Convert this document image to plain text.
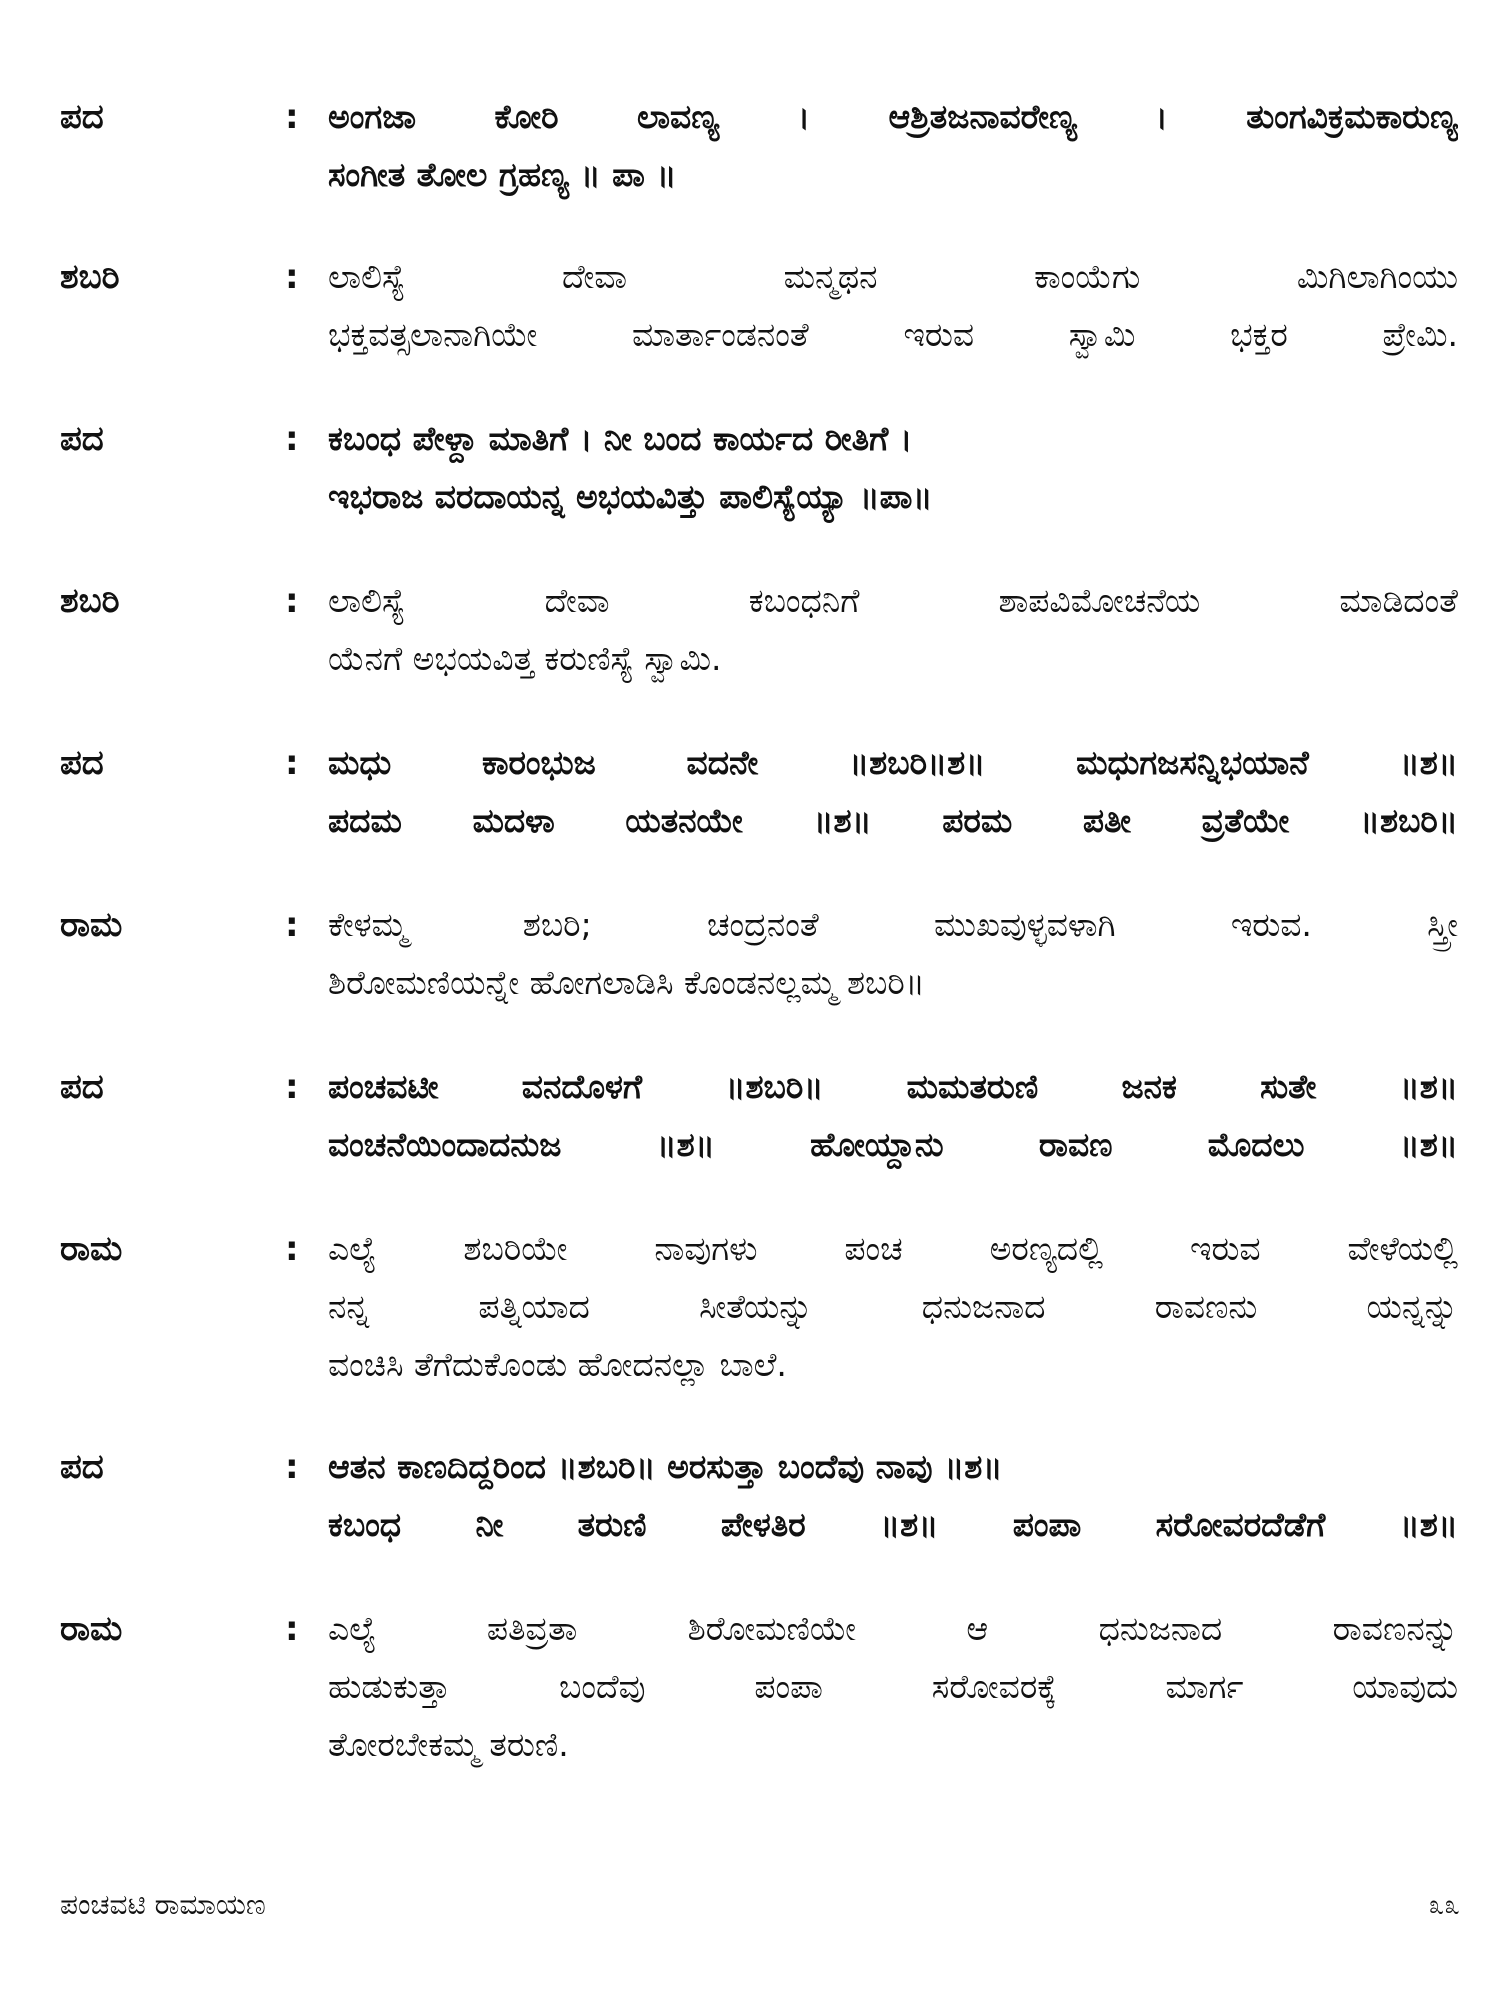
ಪದ	: ಅಂಗಜಾ ಕೋರಿ ಲಾವಣ್ಯ । ಆಶ್ರಿತಜನಾವರೇಣ್ಯ । ತುಂಗವಿಕ್ರಮಕಾರುಣ್ಯ
ಸಂಗೀತ ತೋಲ ಗ್ರಹಣ್ಯ ॥ ಪಾ ॥
ಶಬರಿ	: ಲಾಲಿಸ್ಯೆ ದೇವಾ ಮನ್ಮಥನ ಕಾಂಯೆಗು ಮಿಗಿಲಾಗಿಂಯು
ಭಕ್ತವತ್ಸಲಾನಾಗಿಯೇ ಮಾರ್ತಾಂಡನಂತೆ ಇರುವ ಸ್ವಾಮಿ ಭಕ್ತರ ಪ್ರೇಮಿ.
ಪದ	: ಕಬಂಧ ಪೇಳ್ದಾ ಮಾತಿಗೆ । ನೀ ಬಂದ ಕಾರ್ಯದ ರೀತಿಗೆ ।
ಇಭರಾಜ ವರದಾಯನ್ನ ಅಭಯವಿತ್ತು ಪಾಲಿಸ್ಯೆಯ್ಯಾ ॥ಪಾ॥
ಶಬರಿ	: ಲಾಲಿಸ್ಯೆ ದೇವಾ ಕಬಂಧನಿಗೆ ಶಾಪವಿಮೋಚನೆಯ ಮಾಡಿದಂತೆ
ಯೆನಗೆ ಅಭಯವಿತ್ತ ಕರುಣಿಸ್ಯೆ ಸ್ವಾಮಿ.
ಪದ	: ಮಧು ಕಾರಂಭುಜ ವದನೇ ॥ಶಬರಿ॥ಶ॥ ಮಧುಗಜಸನ್ನಿಭಯಾನೆ ॥ಶ॥
ಪದಮ ಮದಳಾ ಯತನಯೇ ॥ಶ॥ ಪರಮ ಪತೀ ವ್ರತೆಯೇ ॥ಶಬರಿ॥
ರಾಮ	: ಕೇಳಮ್ಮ ಶಬರಿ; ಚಂದ್ರನಂತೆ ಮುಖವುಳ್ಳವಳಾಗಿ ಇರುವ. ಸ್ತ್ರೀ
ಶಿರೋಮಣಿಯನ್ನೇ ಹೋಗಲಾಡಿಸಿ ಕೊಂಡನಲ್ಲಮ್ಮ ಶಬರಿ॥
ಪದ	: ಪಂಚವಟೀ ವನದೊಳಗೆ ॥ಶಬರಿ॥ ಮಮತರುಣಿ ಜನಕ ಸುತೇ ॥ಶ॥
ವಂಚನೆಯಿಂದಾದನುಜ ॥ಶ॥ ಹೋಯ್ದಾನು ರಾವಣ ಮೊದಲು ॥ಶ॥
ರಾಮ	: ಎಲ್ಯೆ ಶಬರಿಯೇ ನಾವುಗಳು ಪಂಚ ಅರಣ್ಯದಲ್ಲಿ ಇರುವ ವೇಳೆಯಲ್ಲಿ
ನನ್ನ ಪತ್ನಿಯಾದ ಸೀತೆಯನ್ನು ಧನುಜನಾದ ರಾವಣನು ಯನ್ನನ್ನು
ವಂಚಿಸಿ ತೆಗೆದುಕೊಂಡು ಹೋದನಲ್ಲಾ ಬಾಲೆ.
ಪದ	: ಆತನ ಕಾಣದಿದ್ದರಿಂದ ॥ಶಬರಿ॥ ಅರಸುತ್ತಾ ಬಂದೆವು ನಾವು ॥ಶ॥
ಕಬಂಧ ನೀ ತರುಣಿ ಪೇಳತಿರ ॥ಶ॥ ಪಂಪಾ ಸರೋವರದೆಡೆಗೆ ॥ಶ॥
ರಾಮ	: ಎಲ್ಯೆ ಪತಿವ್ರತಾ ಶಿರೋಮಣಿಯೇ ಆ ಧನುಜನಾದ ರಾವಣನನ್ನು
ಹುಡುಕುತ್ತಾ ಬಂದೆವು ಪಂಪಾ ಸರೋವರಕ್ಕೆ ಮಾರ್ಗ ಯಾವುದು
ತೋರಬೇಕಮ್ಮ ತರುಣಿ.
ಪಂಚವಟಿ ರಾಮಾಯಣ	೩೩
